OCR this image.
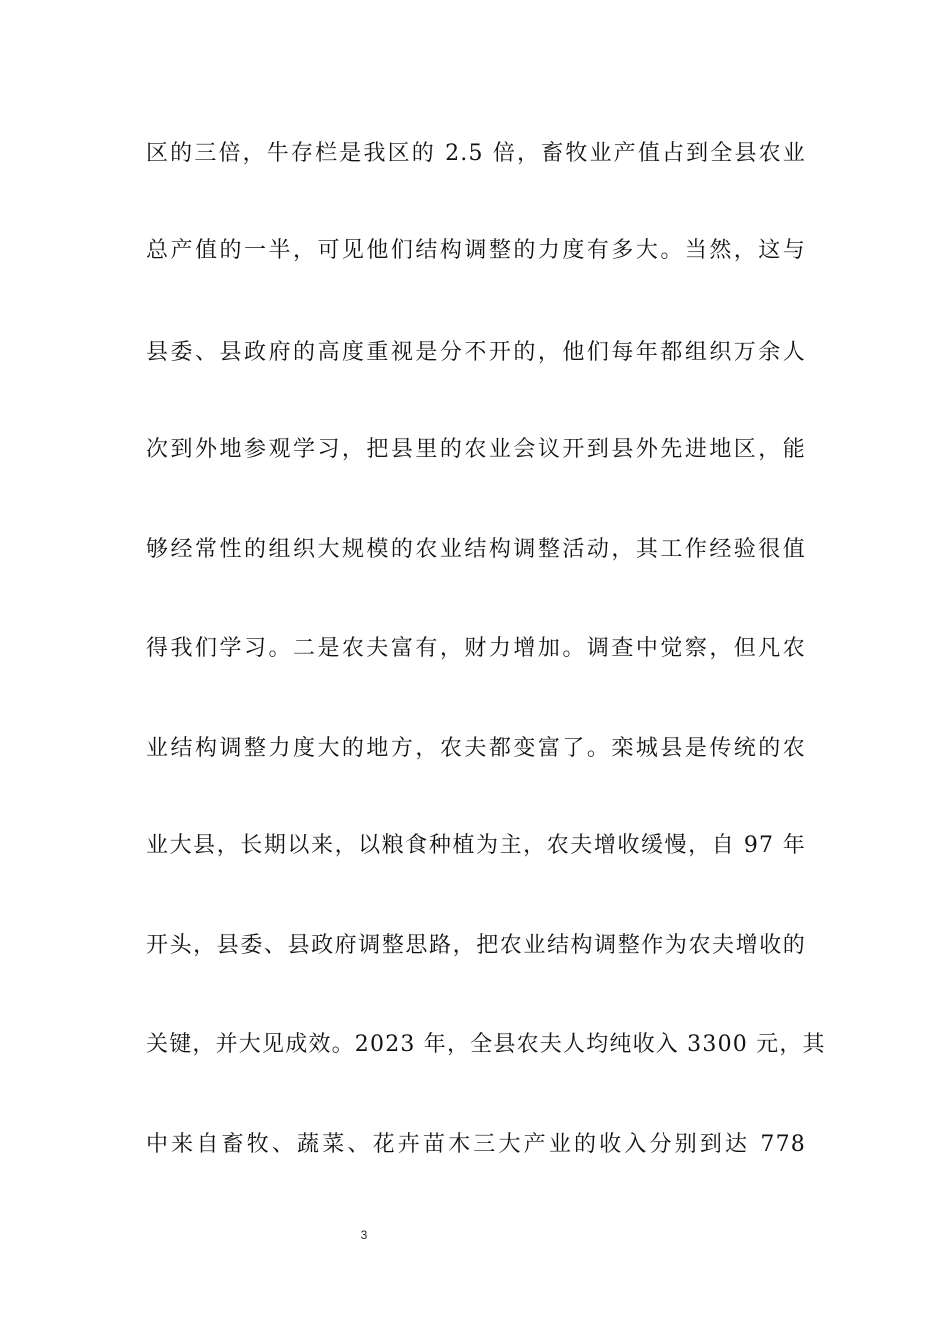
区的三倍，牛存栏是我区的 2.5 倍，畜牧业产值占到全县农业
总产值的一半，可见他们结构调整的力度有多大。当然，这与
县委、县政府的高度重视是分不开的，他们每年都组织万余人
次到外地参观学习，把县里的农业会议开到县外先进地区，能
够经常性的组织大规模的农业结构调整活动，其工作经验很值
得我们学习。二是农夫富有，财力增加。调查中觉察，但凡农
业结构调整力度大的地方，农夫都变富了。栾城县是传统的农
业大县，长期以来，以粮食种植为主，农夫增收缓慢，自 97 年
开头，县委、县政府调整思路，把农业结构调整作为农夫增收的
关键，并大见成效。2023 年，全县农夫人均纯收入 3300 元，其
中来自畜牧、蔬菜、花卉苗木三大产业的收入分别到达 778
3
